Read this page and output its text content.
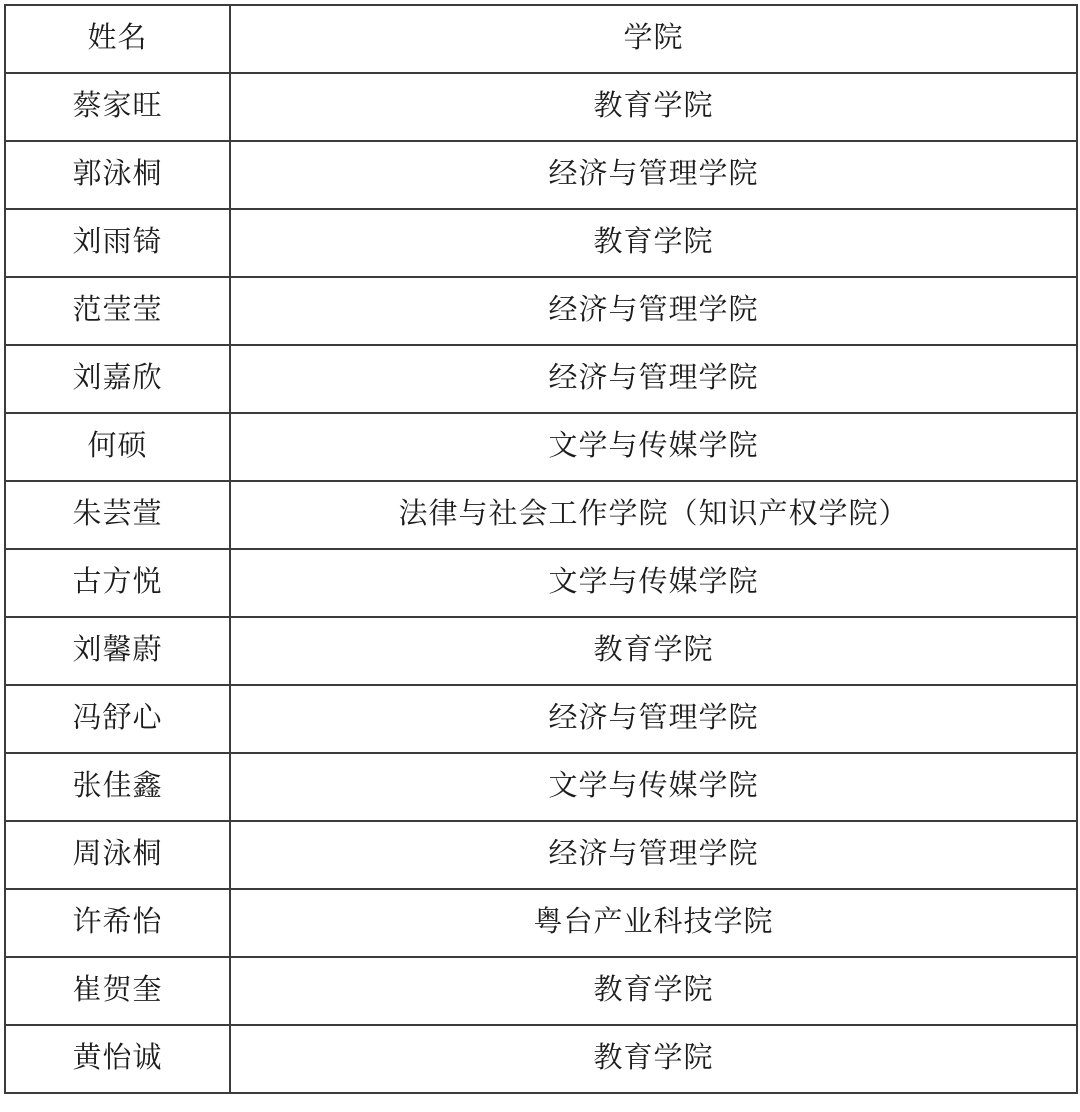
姓名	学院
蔡家旺	教育学院
郭泳桐	经济与管理学院
刘雨锜	教育学院
范莹莹	经济与管理学院
刘嘉欣	经济与管理学院
何硕	文学与传媒学院
朱芸萱	法律与社会工作学院（知识产权学院）
古方悦	文学与传媒学院
刘馨蔚	教育学院
冯舒心	经济与管理学院
张佳鑫	文学与传媒学院
周泳桐	经济与管理学院
许希怡	粤台产业科技学院
崔贺奎	教育学院
黄怡诚	教育学院
